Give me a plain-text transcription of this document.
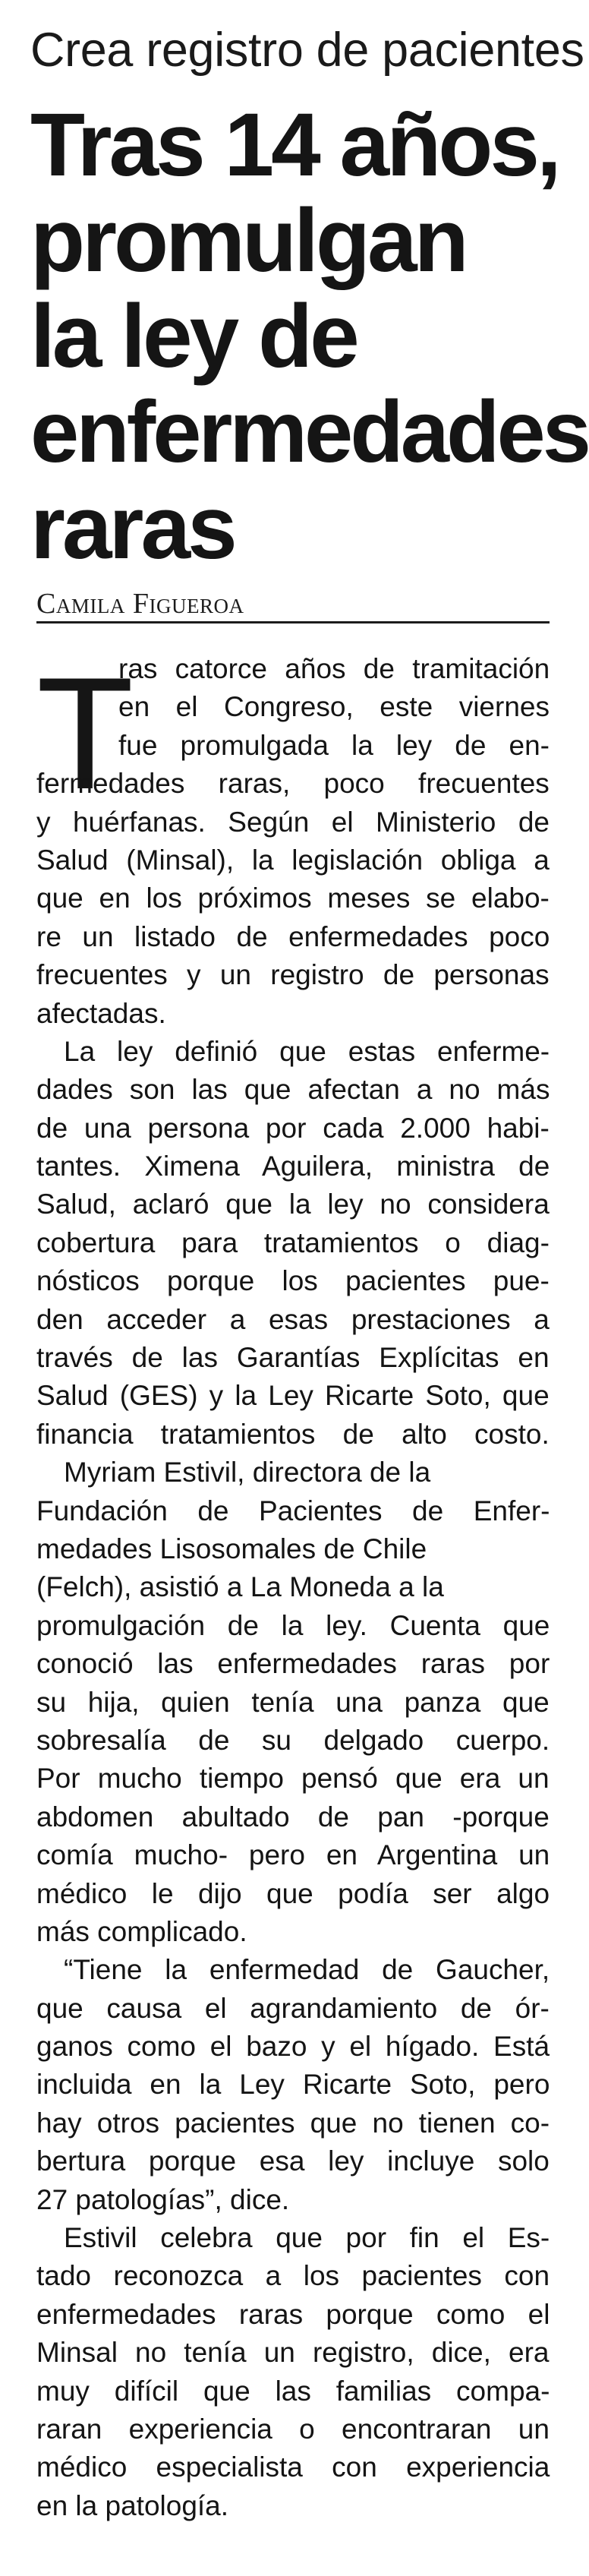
Crea registro de pacientes
Tras 14 años,
promulgan
la ley de
enfermedades
raras
Camila Figueroa
T
ras catorce años de tramitación
en el Congreso, este viernes
fue promulgada la ley de en-
fermedades raras, poco frecuentes
y huérfanas. Según el Ministerio de
Salud (Minsal), la legislación obliga a
que en los próximos meses se elabo-
re un listado de enfermedades poco
frecuentes y un registro de personas
afectadas.
La ley definió que estas enferme-
dades son las que afectan a no más
de una persona por cada 2.000 habi-
tantes. Ximena Aguilera, ministra de
Salud, aclaró que la ley no considera
cobertura para tratamientos o diag-
nósticos porque los pacientes pue-
den acceder a esas prestaciones a
través de las Garantías Explícitas en
Salud (GES) y la Ley Ricarte Soto, que
financia tratamientos de alto costo.
Myriam Estivil, directora de la
Fundación de Pacientes de Enfer-
medades Lisosomales de Chile
(Felch), asistió a La Moneda a la
promulgación de la ley. Cuenta que
conoció las enfermedades raras por
su hija, quien tenía una panza que
sobresalía de su delgado cuerpo.
Por mucho tiempo pensó que era un
abdomen abultado de pan -porque
comía mucho- pero en Argentina un
médico le dijo que podía ser algo
más complicado.
“Tiene la enfermedad de Gaucher,
que causa el agrandamiento de ór-
ganos como el bazo y el hígado. Está
incluida en la Ley Ricarte Soto, pero
hay otros pacientes que no tienen co-
bertura porque esa ley incluye solo
27 patologías”, dice.
Estivil celebra que por fin el Es-
tado reconozca a los pacientes con
enfermedades raras porque como el
Minsal no tenía un registro, dice, era
muy difícil que las familias compa-
raran experiencia o encontraran un
médico especialista con experiencia
en la patología.
